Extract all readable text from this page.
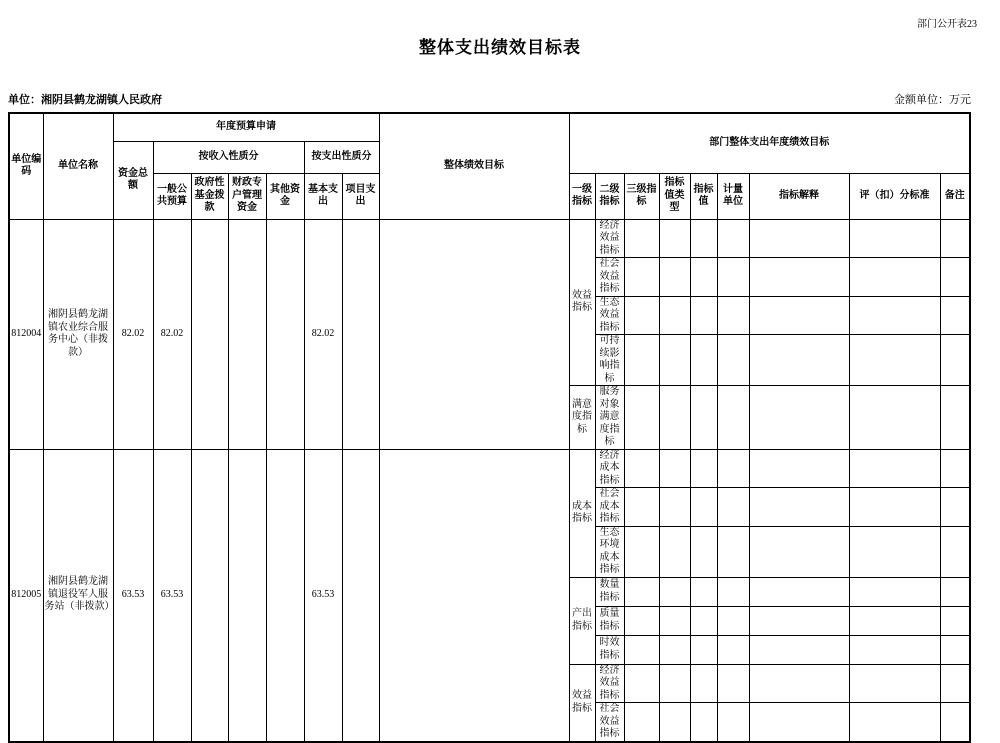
部门公开表23
整体支出绩效目标表
单位：湘阴县鹤龙湖镇人民政府	金额单位：万元
单位编码	单位名称	年度预算申请							整体绩效目标	部门整体支出年度绩效目标								
		资金总额	按收入性质分				按支出性质分											
			一般公共预算	政府性基金拨款	财政专户管理资金	其他资金	基本支出	项目支出		一级指标	二级指标	三级指标	指标值类型	指标值	计量单位	指标解释	评（扣）分标准	备注
812004	湘阴县鹤龙湖镇农业综合服务中心（非拨款）	82.02	82.02				82.02			效益指标	经济效益指标							
											社会效益指标							
											生态效益指标							
											可持续影响指标							
										满意度指标	服务对象满意度指标							
812005	湘阴县鹤龙湖镇退役军人服务站（非拨款）	63.53	63.53				63.53			成本指标	经济成本指标							
											社会成本指标							
											生态环境成本指标							
										产出指标	数量指标							
											质量指标							
											时效指标							
										效益指标	经济效益指标							
											社会效益指标							
